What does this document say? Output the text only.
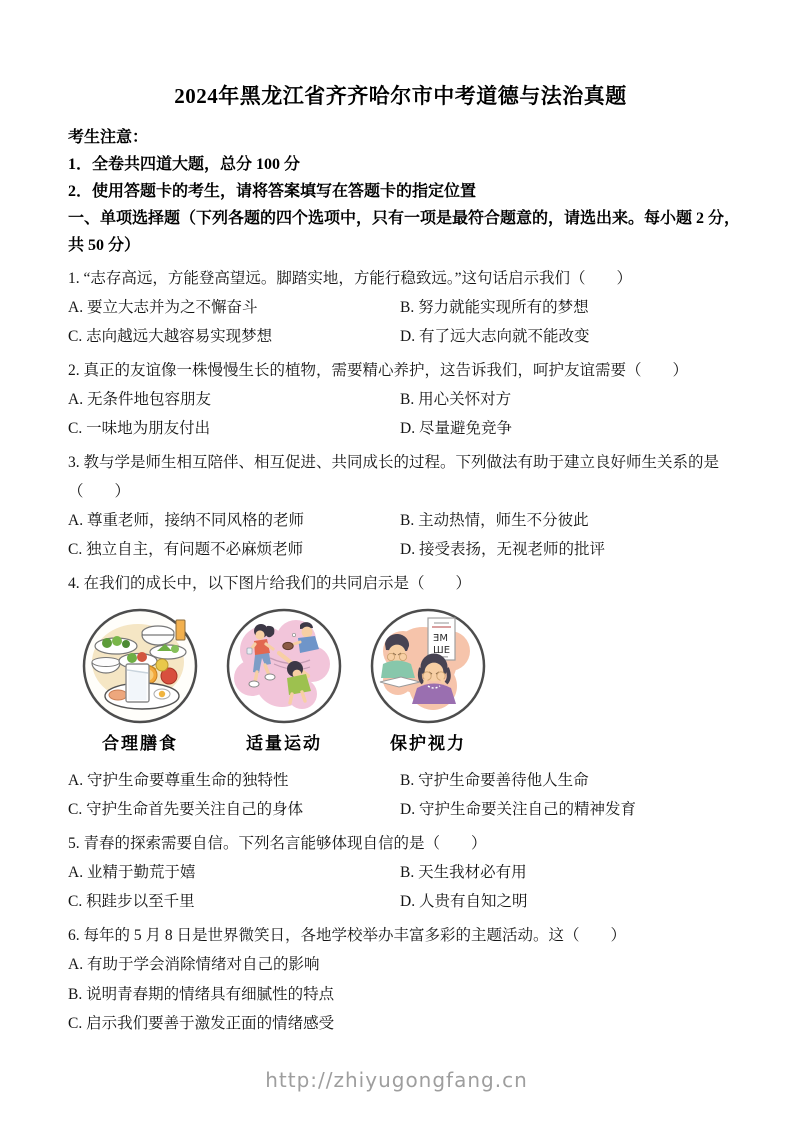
2024年黑龙江省齐齐哈尔市中考道德与法治真题
考生注意：
1．全卷共四道大题，总分 100 分
2．使用答题卡的考生，请将答案填写在答题卡的指定位置
一、单项选择题（下列各题的四个选项中，只有一项是最符合题意的，请选出来。每小题 2 分，共 50 分）
1. “志存高远，方能登高望远。脚踏实地，方能行稳致远。”这句话启示我们（　　）
A. 要立大志并为之不懈奋斗	B. 努力就能实现所有的梦想
C. 志向越远大越容易实现梦想	D. 有了远大志向就不能改变
2. 真正的友谊像一株慢慢生长的植物，需要精心养护，这告诉我们，呵护友谊需要（　　）
A. 无条件地包容朋友	B. 用心关怀对方
C. 一味地为朋友付出	D. 尽量避免竞争
3. 教与学是师生相互陪伴、相互促进、共同成长的过程。下列做法有助于建立良好师生关系的是（　　）
A. 尊重老师，接纳不同风格的老师	B. 主动热情，师生不分彼此
C. 独立自主，有问题不必麻烦老师	D. 接受表扬，无视老师的批评
4. 在我们的成长中，以下图片给我们的共同启示是（　　）
合理膳食	适量运动
ƎM
ШE
保护视力
A. 守护生命要尊重生命的独特性	B. 守护生命要善待他人生命
C. 守护生命首先要关注自己的身体	D. 守护生命要关注自己的精神发育
5. 青春的探索需要自信。下列名言能够体现自信的是（　　）
A. 业精于勤荒于嬉	B. 天生我材必有用
C. 积跬步以至千里	D. 人贵有自知之明
6. 每年的 5 月 8 日是世界微笑日，各地学校举办丰富多彩的主题活动。这（　　）
A. 有助于学会消除情绪对自己的影响
B. 说明青春期的情绪具有细腻性的特点
C. 启示我们要善于激发正面的情绪感受
http://zhiyugongfang.cn
